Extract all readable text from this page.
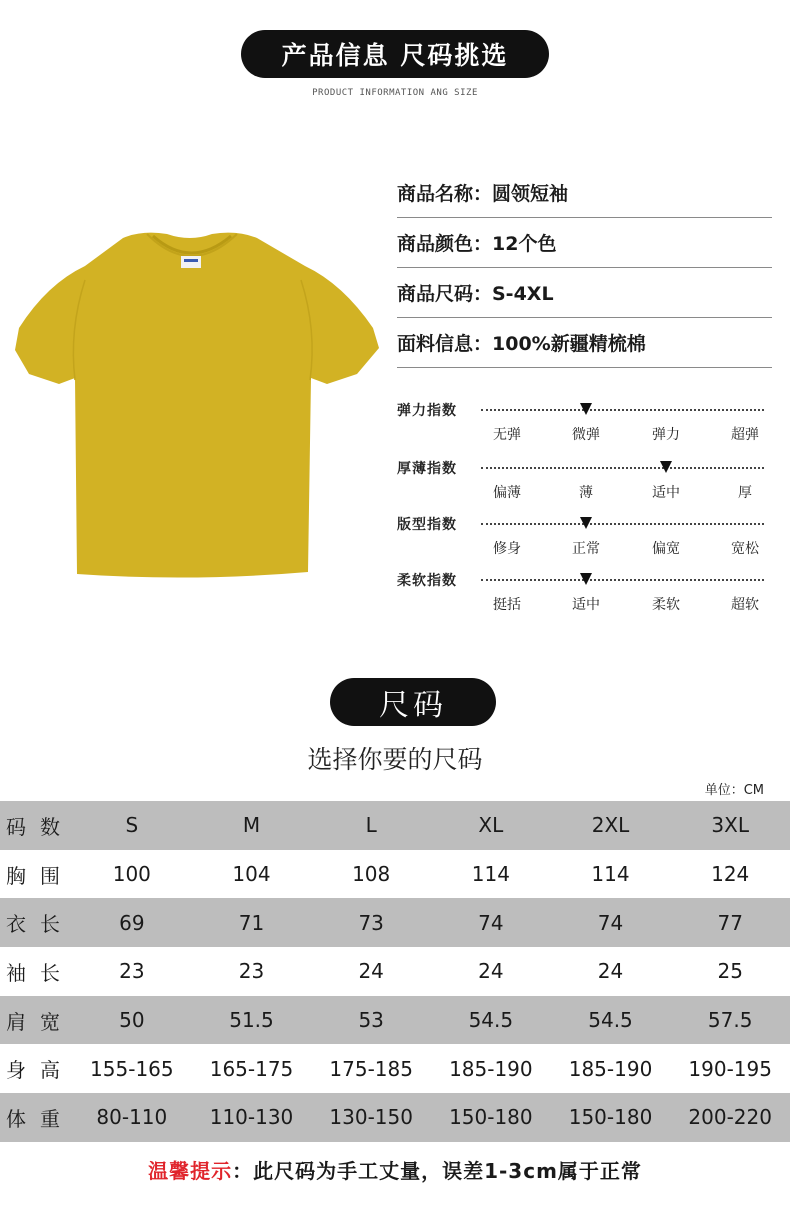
产品信息 尺码挑选
PRODUCT INFORMATION ANG SIZE
商品名称：圆领短袖
商品颜色：12个色
商品尺码：S-4XL
面料信息：100%新疆精梳棉
弹力指数
无弹	微弹	弹力	超弹
厚薄指数
偏薄	薄	适中	厚
版型指数
修身	正常	偏宽	宽松
柔软指数
挺括	适中	柔软	超软
尺码
选择你要的尺码
单位：CM
码数	S	M	L	XL	2XL	3XL
胸围	100	104	108	114	114	124
衣长	69	71	73	74	74	77
袖长	23	23	24	24	24	25
肩宽	50	51.5	53	54.5	54.5	57.5
身高 155-165	165-175	175-185	185-190	185-190	190-195
体重	80-110	110-130	130-150	150-180	150-180	200-220
温馨提示：此尺码为手工丈量，误差1-3cm属于正常
